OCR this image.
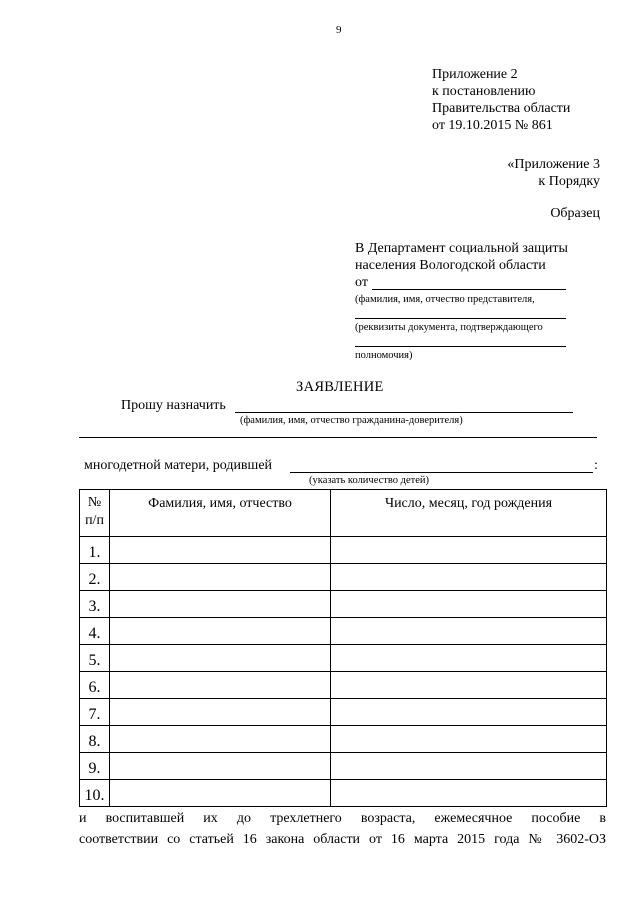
9
Приложение 2
к постановлению
Правительства области
от 19.10.2015 № 861
«Приложение 3
к Порядку
Образец
В Департамент социальной защиты
населения Вологодской области
от
(фамилия, имя, отчество представителя,
(реквизиты документа, подтверждающего
полномочия)
ЗАЯВЛЕНИЕ
Прошу назначить
(фамилия, имя, отчество гражданина-доверителя)
многодетной матери, родившей	:
(указать количество детей)
№
п/п	Фамилия, имя, отчество	Число, месяц, год рождения
1.		
2.		
3.		
4.		
5.		
6.		
7.		
8.		
9.		
10.		
и   воспитавшей   их   до   трехлетнего   возраста,   ежемесячное   пособие   в
соответствии со статьей 16 закона области от 16 марта 2015 года № 3602-ОЗ
